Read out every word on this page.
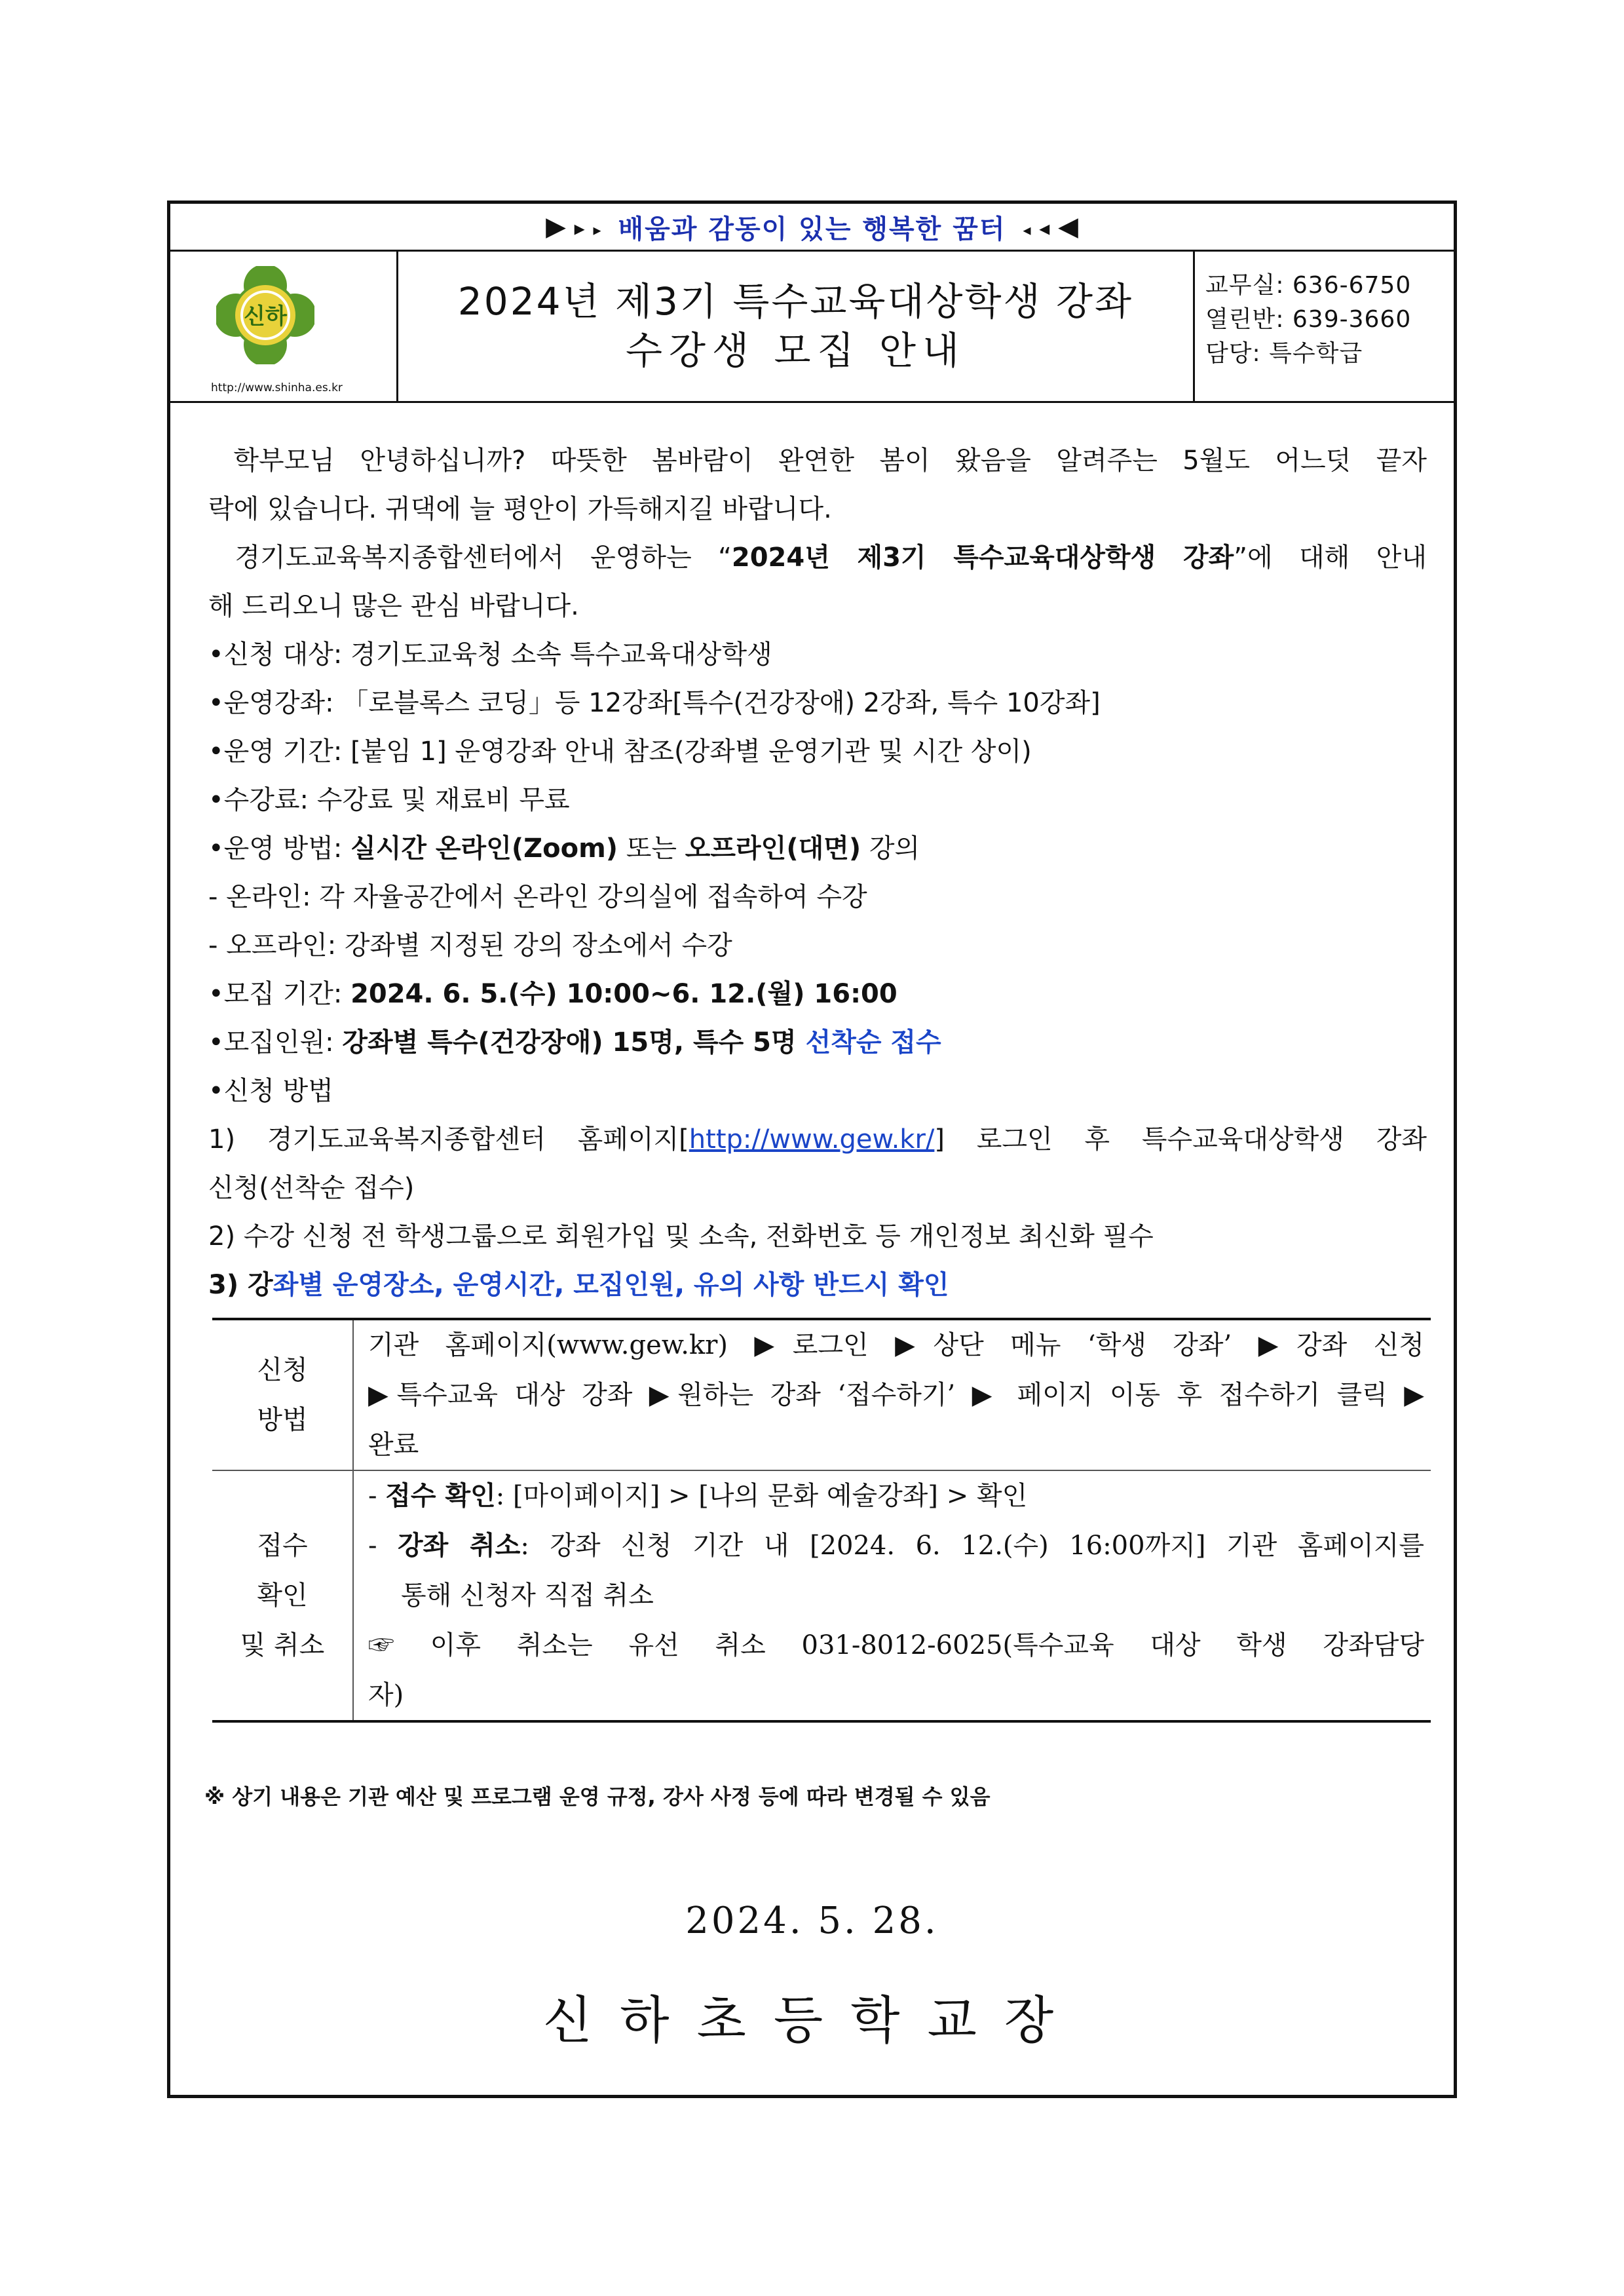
▶ ▸ ▸ 배움과 감동이 있는 행복한 꿈터 ◂ ◂ ◀
신하
http://www.shinha.es.kr
2024년 제3기 특수교육대상학생 강좌
수강생 모집 안내
교무실: 636-6750
열린반: 639-3660
담당: 특수학급
학부모님 안녕하십니까? 따뜻한 봄바람이 완연한 봄이 왔음을 알려주는 5월도 어느덧 끝자
락에 있습니다. 귀댁에 늘 평안이 가득해지길 바랍니다.
경기도교육복지종합센터에서 운영하는 “2024년 제3기 특수교육대상학생 강좌”에 대해 안내
해 드리오니 많은 관심 바랍니다.
•신청 대상: 경기도교육청 소속 특수교육대상학생
•운영강좌: 「로블록스 코딩」등 12강좌[특수(건강장애) 2강좌, 특수 10강좌]
•운영 기간: [붙임 1] 운영강좌 안내 참조(강좌별 운영기관 및 시간 상이)
•수강료: 수강료 및 재료비 무료
•운영 방법: 실시간 온라인(Zoom) 또는 오프라인(대면) 강의
- 온라인: 각 자율공간에서 온라인 강의실에 접속하여 수강
- 오프라인: 강좌별 지정된 강의 장소에서 수강
•모집 기간: 2024. 6. 5.(수) 10:00~6. 12.(월) 16:00
•모집인원: 강좌별 특수(건강장애) 15명, 특수 5명 선착순 접수
•신청 방법
1) 경기도교육복지종합센터 홈페이지[http://www.gew.kr/] 로그인 후 특수교육대상학생 강좌
신청(선착순 접수)
2) 수강 신청 전 학생그룹으로 회원가입 및 소속, 전화번호 등 개인정보 최신화 필수
3) 강좌별 운영장소, 운영시간, 모집인원, 유의 사항 반드시 확인
신청
방법
기관 홈페이지(www.gew.kr) ▶로그인 ▶상단 메뉴 ‘학생 강좌’ ▶강좌 신청
▶특수교육 대상 강좌 ▶원하는 강좌 ‘접수하기’ ▶ 페이지 이동 후 접수하기 클릭 ▶
완료
접수
확인
및 취소
- 접수 확인: [마이페이지] > [나의 문화 예술강좌] > 확인
- 강좌 취소: 강좌 신청 기간 내 [2024. 6. 12.(수) 16:00까지] 기관 홈페이지를
통해 신청자 직접 취소
☞ 이후 취소는 유선 취소 031-8012-6025(특수교육 대상 학생 강좌담당
자)
※ 상기 내용은 기관 예산 및 프로그램 운영 규정, 강사 사정 등에 따라 변경될 수 있음
2024. 5. 28.
신하초등학교장
